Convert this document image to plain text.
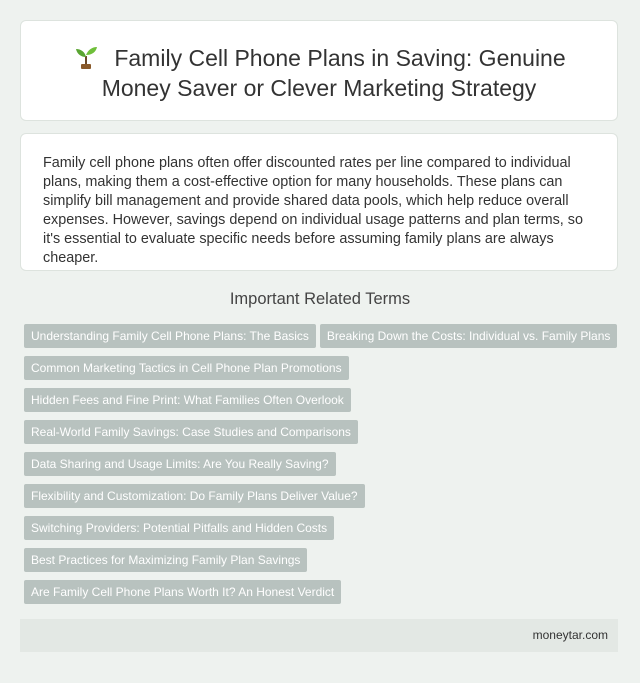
Family Cell Phone Plans in Saving: Genuine Money Saver or Clever Marketing Strategy

Family cell phone plans often offer discounted rates per line compared to individual plans, making them a cost-effective option for many households. These plans can simplify bill management and provide shared data pools, which help reduce overall expenses. However, savings depend on individual usage patterns and plan terms, so it's essential to evaluate specific needs before assuming family plans are always cheaper.

Important Related Terms
Understanding Family Cell Phone Plans: The Basics Breaking Down the Costs: Individual vs. Family Plans
Common Marketing Tactics in Cell Phone Plan Promotions
Hidden Fees and Fine Print: What Families Often Overlook
Real-World Family Savings: Case Studies and Comparisons
Data Sharing and Usage Limits: Are You Really Saving?
Flexibility and Customization: Do Family Plans Deliver Value?
Switching Providers: Potential Pitfalls and Hidden Costs
Best Practices for Maximizing Family Plan Savings
Are Family Cell Phone Plans Worth It? An Honest Verdict
moneytar.com
